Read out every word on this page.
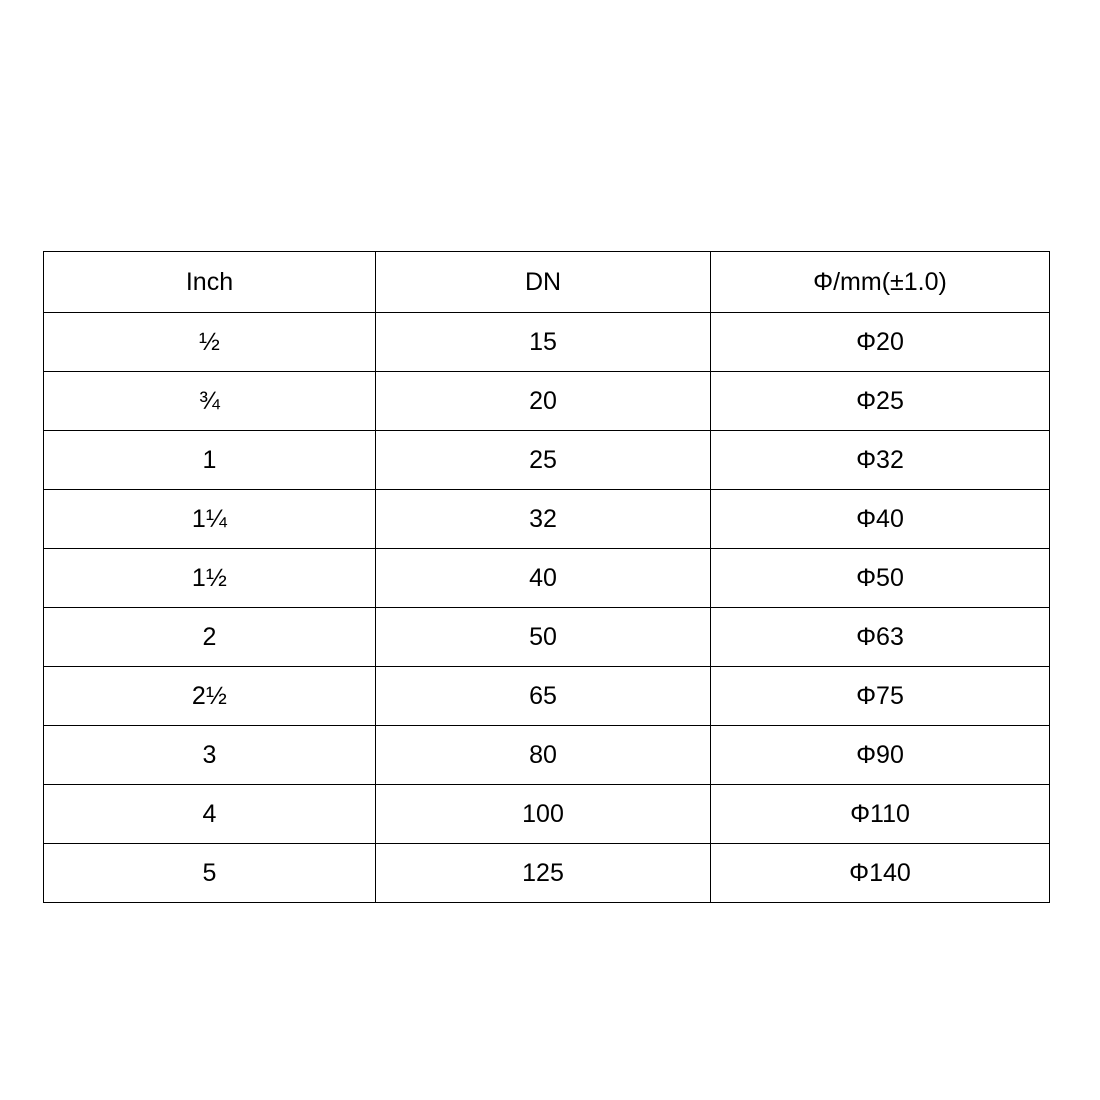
Inch	DN	Φ/mm(±1.0)
½	15	Φ20
¾	20	Φ25
1	25	Φ32
1¼	32	Φ40
1½	40	Φ50
2	50	Φ63
2½	65	Φ75
3	80	Φ90
4	100	Φ110
5	125	Φ140
